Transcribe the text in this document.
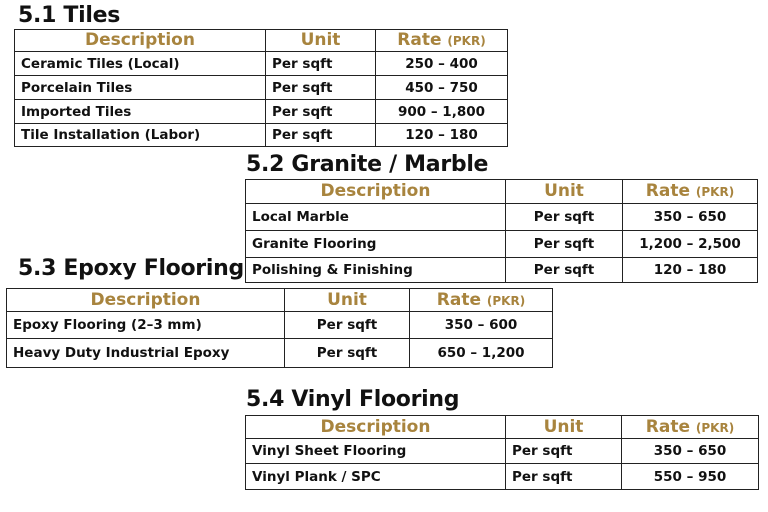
5.1 Tiles
Description	Unit	Rate (PKR)
Ceramic Tiles (Local)	Per sqft	250 – 400
Porcelain Tiles	Per sqft	450 – 750
Imported Tiles	Per sqft	900 – 1,800
Tile Installation (Labor)	Per sqft	120 – 180
5.2 Granite / Marble
Description	Unit	Rate (PKR)
Local Marble	Per sqft	350 – 650
Granite Flooring	Per sqft	1,200 – 2,500
Polishing & Finishing	Per sqft	120 – 180
5.3 Epoxy Flooring
Description	Unit	Rate (PKR)
Epoxy Flooring (2–3 mm)	Per sqft	350 – 600
Heavy Duty Industrial Epoxy	Per sqft	650 – 1,200
5.4 Vinyl Flooring
Description	Unit	Rate (PKR)
Vinyl Sheet Flooring	Per sqft	350 – 650
Vinyl Plank / SPC	Per sqft	550 – 950
